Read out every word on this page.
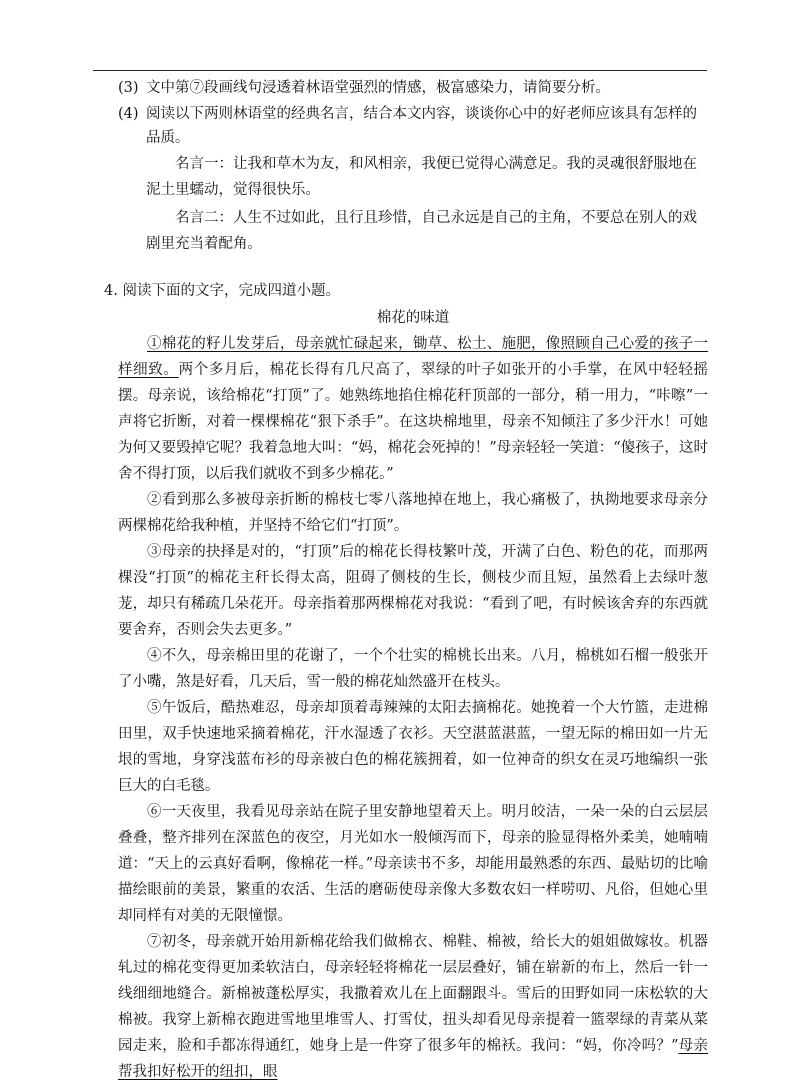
(3) 文中第⑦段画线句浸透着林语堂强烈的情感，极富感染力，请简要分析。

(4) 阅读以下两则林语堂的经典名言，结合本文内容，谈谈你心中的好老师应该具有怎样的品质。

名言一：让我和草木为友，和风相亲，我便已觉得心满意足。我的灵魂很舒服地在泥土里蠕动，觉得很快乐。

名言二：人生不过如此，且行且珍惜，自己永远是自己的主角，不要总在别人的戏剧里充当着配角。

4. 阅读下面的文字，完成四道小题。

棉花的味道

①棉花的籽儿发芽后，母亲就忙碌起来，锄草、松土、施肥，像照顾自己心爱的孩子一样细致。两个多月后，棉花长得有几尺高了，翠绿的叶子如张开的小手掌，在风中轻轻摇摆。母亲说，该给棉花“打顶”了。她熟练地掐住棉花秆顶部的一部分，稍一用力，“咔嚓”一声将它折断，对着一棵棵棉花“狠下杀手”。在这块棉地里，母亲不知倾注了多少汗水！可她为何又要毁掉它呢？我着急地大叫：“妈，棉花会死掉的！”母亲轻轻一笑道：“傻孩子，这时舍不得打顶，以后我们就收不到多少棉花。”

②看到那么多被母亲折断的棉枝七零八落地掉在地上，我心痛极了，执拗地要求母亲分两棵棉花给我种植，并坚持不给它们“打顶”。

③母亲的抉择是对的，“打顶”后的棉花长得枝繁叶茂，开满了白色、粉色的花，而那两棵没“打顶”的棉花主秆长得太高，阻碍了侧枝的生长，侧枝少而且短，虽然看上去绿叶葱茏，却只有稀疏几朵花开。母亲指着那两棵棉花对我说：“看到了吧，有时候该舍弃的东西就要舍弃，否则会失去更多。”

④不久，母亲棉田里的花谢了，一个个壮实的棉桃长出来。八月，棉桃如石榴一般张开了小嘴，煞是好看，几天后，雪一般的棉花灿然盛开在枝头。

⑤午饭后，酷热难忍，母亲却顶着毒辣辣的太阳去摘棉花。她挽着一个大竹篮，走进棉田里，双手快速地采摘着棉花，汗水湿透了衣衫。天空湛蓝湛蓝，一望无际的棉田如一片无垠的雪地，身穿浅蓝布衫的母亲被白色的棉花簇拥着，如一位神奇的织女在灵巧地编织一张巨大的白毛毯。

⑥一天夜里，我看见母亲站在院子里安静地望着天上。明月皎洁，一朵一朵的白云层层叠叠，整齐排列在深蓝色的夜空，月光如水一般倾泻而下，母亲的脸显得格外柔美，她喃喃道：“天上的云真好看啊，像棉花一样。”母亲读书不多，却能用最熟悉的东西、最贴切的比喻描绘眼前的美景，繁重的农活、生活的磨砺使母亲像大多数农妇一样唠叨、凡俗，但她心里却同样有对美的无限憧憬。

⑦初冬，母亲就开始用新棉花给我们做棉衣、棉鞋、棉被，给长大的姐姐做嫁妆。机器轧过的棉花变得更加柔软洁白，母亲轻轻将棉花一层层叠好，铺在崭新的布上，然后一针一线细细地缝合。新棉被蓬松厚实，我撒着欢儿在上面翻跟斗。雪后的田野如同一床松软的大棉被。我穿上新棉衣跑进雪地里堆雪人、打雪仗，扭头却看见母亲提着一篮翠绿的青菜从菜园走来，脸和手都冻得通红，她身上是一件穿了很多年的棉袄。我问：“妈，你冷吗？”母亲帮我扣好松开的纽扣，眼
